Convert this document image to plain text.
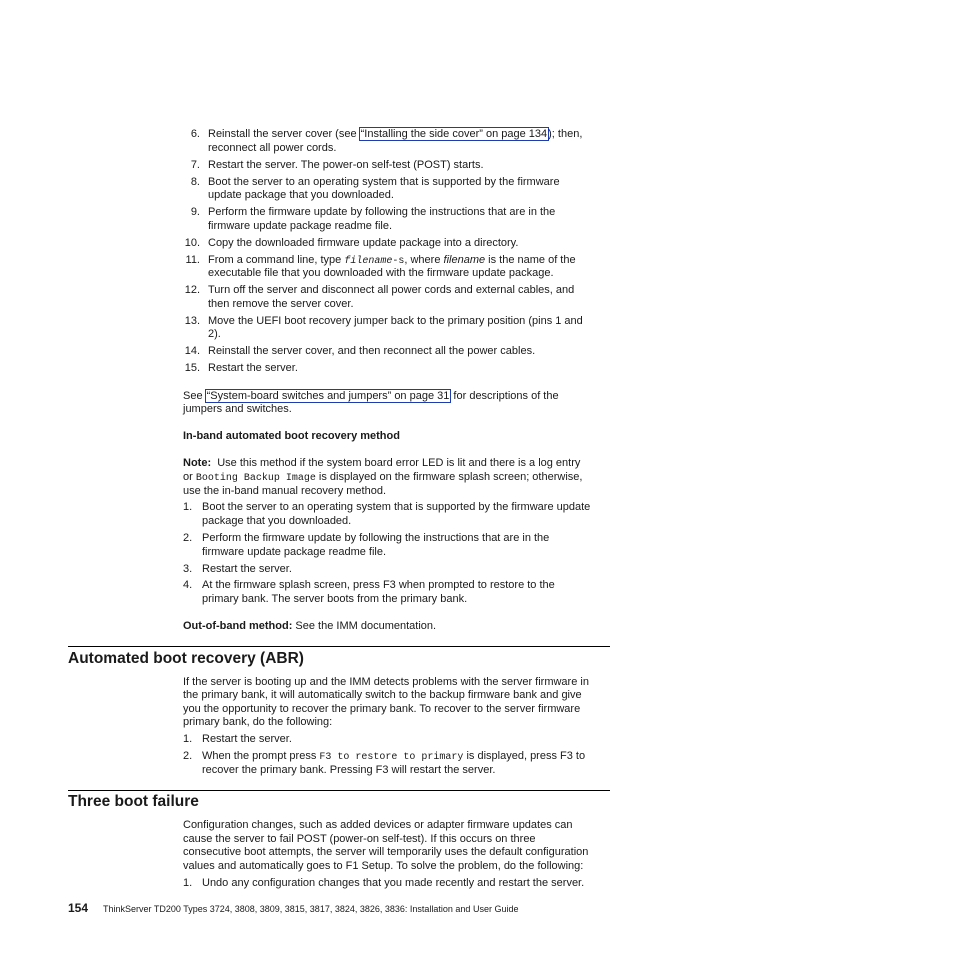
6. Reinstall the server cover (see “Installing the side cover” on page 134); then,
reconnect all power cords.
7. Restart the server. The power-on self-test (POST) starts.
8. Boot the server to an operating system that is supported by the firmware
update package that you downloaded.
9. Perform the firmware update by following the instructions that are in the
firmware update package readme file.
10. Copy the downloaded firmware update package into a directory.
11. From a command line, type filename-s, where filename is the name of the
executable file that you downloaded with the firmware update package.
12. Turn off the server and disconnect all power cords and external cables, and
then remove the server cover.
13. Move the UEFI boot recovery jumper back to the primary position (pins 1 and
2).
14. Reinstall the server cover, and then reconnect all the power cables.
15. Restart the server.
See “System-board switches and jumpers” on page 31 for descriptions of the
jumpers and switches.
In-band automated boot recovery method
Note:  Use this method if the system board error LED is lit and there is a log entry
or Booting Backup Image is displayed on the firmware splash screen; otherwise,
use the in-band manual recovery method.
1. Boot the server to an operating system that is supported by the firmware update
package that you downloaded.
2. Perform the firmware update by following the instructions that are in the
firmware update package readme file.
3. Restart the server.
4. At the firmware splash screen, press F3 when prompted to restore to the
primary bank. The server boots from the primary bank.
Out-of-band method: See the IMM documentation.
Automated boot recovery (ABR)
If the server is booting up and the IMM detects problems with the server firmware in
the primary bank, it will automatically switch to the backup firmware bank and give
you the opportunity to recover the primary bank. To recover to the server firmware
primary bank, do the following:
1. Restart the server.
2. When the prompt press F3 to restore to primary is displayed, press F3 to
recover the primary bank. Pressing F3 will restart the server.
Three boot failure
Configuration changes, such as added devices or adapter firmware updates can
cause the server to fail POST (power-on self-test). If this occurs on three
consecutive boot attempts, the server will temporarily uses the default configuration
values and automatically goes to F1 Setup. To solve the problem, do the following:
1. Undo any configuration changes that you made recently and restart the server.
154 ThinkServer TD200 Types 3724, 3808, 3809, 3815, 3817, 3824, 3826, 3836: Installation and User Guide
